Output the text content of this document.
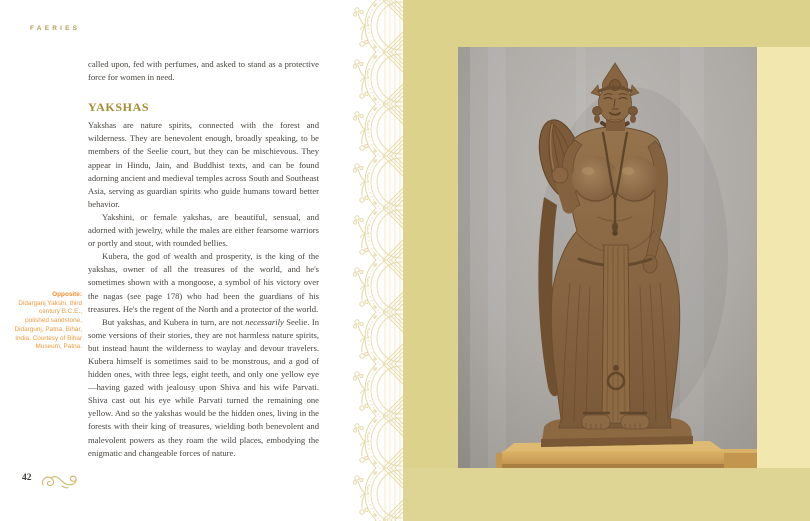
FAERIES

called upon, fed with perfumes, and asked to stand as a protective force for women in need.

YAKSHAS

Yakshas are nature spirits, connected with the forest and wilderness. They are benevolent enough, broadly speaking, to be members of the Seelie court, but they can be mischievous. They appear in Hindu, Jain, and Buddhist texts, and can be found adorning ancient and medieval temples across South and Southeast Asia, serving as guardian spirits who guide humans toward better behavior.

Yakshini, or female yakshas, are beautiful, sensual, and adorned with jewelry, while the males are either fearsome warriors or portly and stout, with rounded bellies.

Kubera, the god of wealth and prosperity, is the king of the yakshas, owner of all the treasures of the world, and he's sometimes shown with a mongoose, a symbol of his victory over the nagas (see page 178) who had been the guardians of his treasures. He's the regent of the North and a protector of the world.

But yakshas, and Kubera in turn, are not necessarily Seelie. In some versions of their stories, they are not harmless nature spirits, but instead haunt the wilderness to waylay and devour travelers. Kubera himself is sometimes said to be monstrous, and a god of hidden ones, with three legs, eight teeth, and only one yellow eye—having gazed with jealousy upon Shiva and his wife Parvati. Shiva cast out his eye while Parvati turned the remaining one yellow. And so the yakshas would be the hidden ones, living in the forests with their king of treasures, wielding both benevolent and malevolent powers as they roam the wild places, embodying the enigmatic and changeable forces of nature.

Opposite:
Didarganj Yakshi, third century B.C.E., polished sandstone, Didargunj, Patna, Bihar, India. Courtesy of Bihar Museum, Patna.
42
